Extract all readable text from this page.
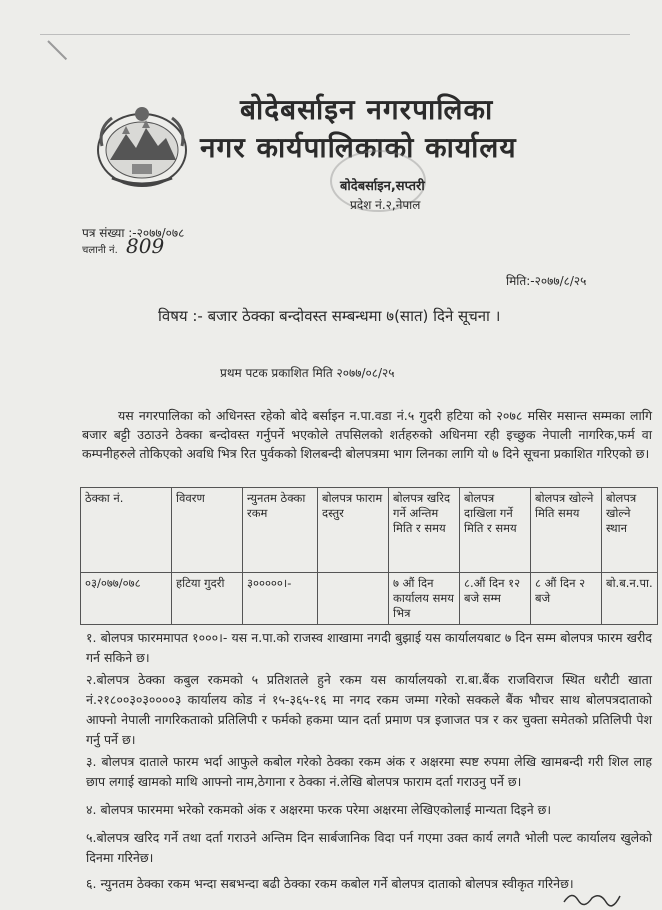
बोदेबर्साइन नगरपालिका
नगर कार्यपालिकाको कार्यालय
बोदेबर्साइन,सप्तरी
प्रदेश नं.२,नेपाल
पत्र संख्या :-२०७७/०७८
चलानी नं. 809
मिति:-२०७७/८/२५
विषय :- बजार ठेक्का बन्दोवस्त सम्बन्धमा ७(सात) दिने सूचना ।
प्रथम पटक प्रकाशित मिति २०७७/०८/२५

यस नगरपालिका को अधिनस्त रहेको बोदे बर्साइन न.पा.वडा नं.५ गुदरी हटिया को २०७८ मसिर मसान्त सम्मका लागि बजार बट्टी उठाउने ठेक्का बन्दोवस्त गर्नुपर्ने भएकोले तपसिलको शर्तहरुको अधिनमा रही इच्छुक नेपाली नागरिक,फर्म वा कम्पनीहरुले तोकिएको अवधि भित्र रित पुर्वकको शिलबन्दी बोलपत्रमा भाग लिनका लागि यो ७ दिने सूचना प्रकाशित गरिएको छ।

ठेक्का नं.	विवरण	न्युनतम ठेक्का रकम	बोलपत्र फाराम दस्तुर	बोलपत्र खरिद गर्ने अन्तिम मिति र समय	बोलपत्र दाखिला गर्ने मिति र समय	बोलपत्र खोल्ने मिति समय	बोलपत्र खोल्ने स्थान
०३/०७७/०७८	हटिया गुदरी	३०००००।-		७ औं दिन कार्यालय समय भित्र	८.औं दिन १२ बजे सम्म	८ औं दिन २ बजे	बो.ब.न.पा.

१. बोलपत्र फारममापत १०००।- यस न.पा.को राजस्व शाखामा नगदी बुझाई यस कार्यालयबाट ७ दिन सम्म बोलपत्र फारम खरीद गर्न सकिने छ।

२.बोलपत्र ठेक्का कबुल रकमको ५ प्रतिशतले हुने रकम यस कार्यालयको रा.बा.बैंक राजविराज स्थित धरौटी खाता नं.२१८००३०३००००३ कार्यालय कोड नं १५-३६५-१६ मा नगद रकम जम्मा गरेको सक्कले बैंक भौचर साथ बोलपत्रदाताको आफ्नो नेपाली नागरिकताको प्रतिलिपी र फर्मको हकमा प्यान दर्ता प्रमाण पत्र इजाजत पत्र र कर चुक्ता समेतको प्रतिलिपी पेश गर्नु पर्ने छ।

३. बोलपत्र दाताले फारम भर्दा आफुले कबोल गरेको ठेक्का रकम अंक र अक्षरमा स्पष्ट रुपमा लेखि खामबन्दी गरी शिल लाह छाप लगाई खामको माथि आफ्नो नाम,ठेगाना र ठेक्का नं.लेखि बोलपत्र फाराम दर्ता गराउनु पर्ने छ।

४. बोलपत्र फारममा भरेको रकमको अंक र अक्षरमा फरक परेमा अक्षरमा लेखिएकोलाई मान्यता दिइने छ।

५.बोलपत्र खरिद गर्ने तथा दर्ता गराउने अन्तिम दिन सार्बजानिक विदा पर्न गएमा उक्त कार्य लगतै भोली पल्ट कार्यालय खुलेको दिनमा गरिनेछ।

६. न्युनतम ठेक्का रकम भन्दा सबभन्दा बढी ठेक्का रकम कबोल गर्ने बोलपत्र दाताको बोलपत्र स्वीकृत गरिनेछ।
